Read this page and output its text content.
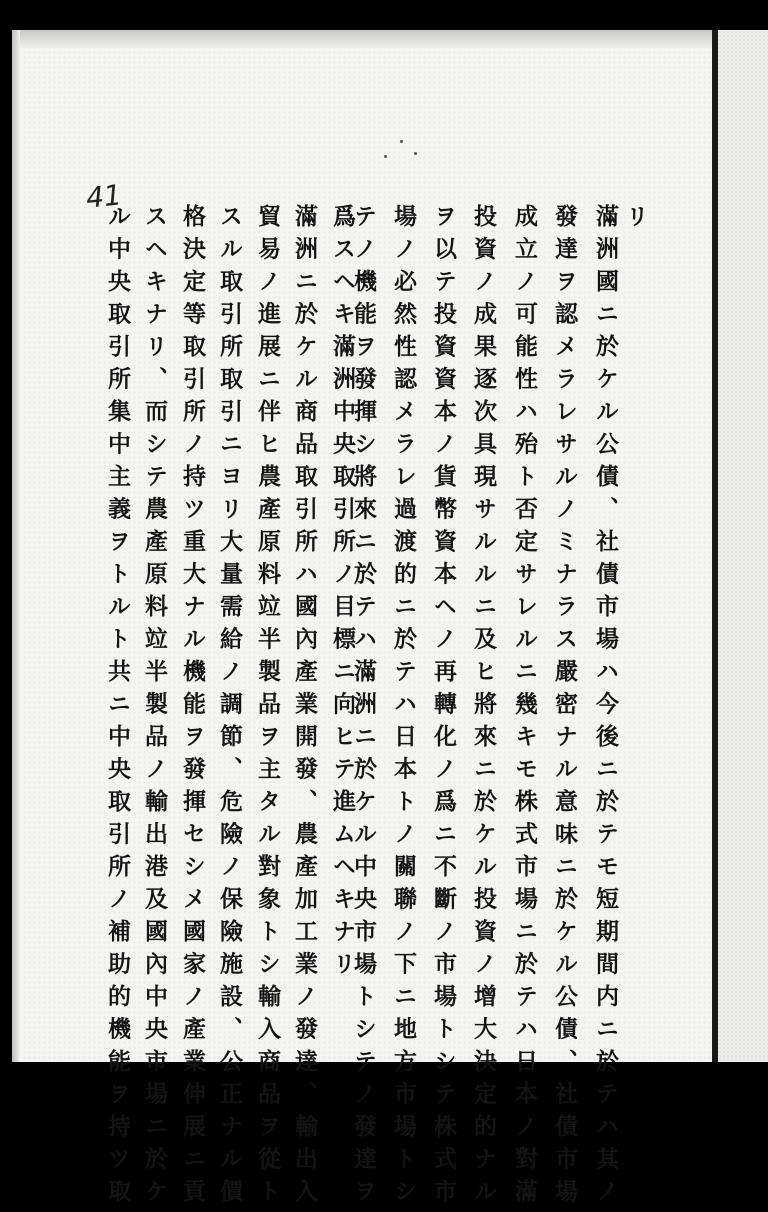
41
リ
滿洲國ニ於ケル公債、社債市場ハ今後ニ於テモ短期間内ニ於テハ其ノ
發達ヲ認メラレサルノミナラス嚴密ナル意味ニ於ケル公債、社債市場
成立ノ可能性ハ殆ト否定サレルニ幾キモ株式市場ニ於テハ日本ノ對滿
投資ノ成果逐次具現サルルニ及ヒ將來ニ於ケル投資ノ增大決定的ナル
ヲ以テ投資資本ノ貨幣資本ヘノ再轉化ノ爲ニ不斷ノ市場トシテ株式市
場ノ必然性認メラレ過渡的ニ於テハ日本トノ關聯ノ下ニ地方市場トシ
テノ機能ヲ發揮シ將來ニ於テハ滿洲ニ於ケル中央市場トシテノ發達ヲ
爲スヘキ滿洲中央取引所ノ目標ニ向ヒテ進ムヘキナリ
滿洲ニ於ケル商品取引所ハ國內產業開發、農產加工業ノ發達、輸出入
貿易ノ進展ニ伴ヒ農產原料竝半製品ヲ主タル對象トシ輸入商品ヲ從ト
スル取引所取引ニヨリ大量需給ノ調節、危險ノ保險施設、公正ナル價
格決定等取引所ノ持ツ重大ナル機能ヲ發揮セシメ國家ノ產業伸展ニ貢
スヘキナリ、而シテ農產原料竝半製品ノ輸出港及國內中央市場ニ於ケ
ル中央取引所集中主義ヲトルト共ニ中央取引所ノ補助的機能ヲ持ツ取
